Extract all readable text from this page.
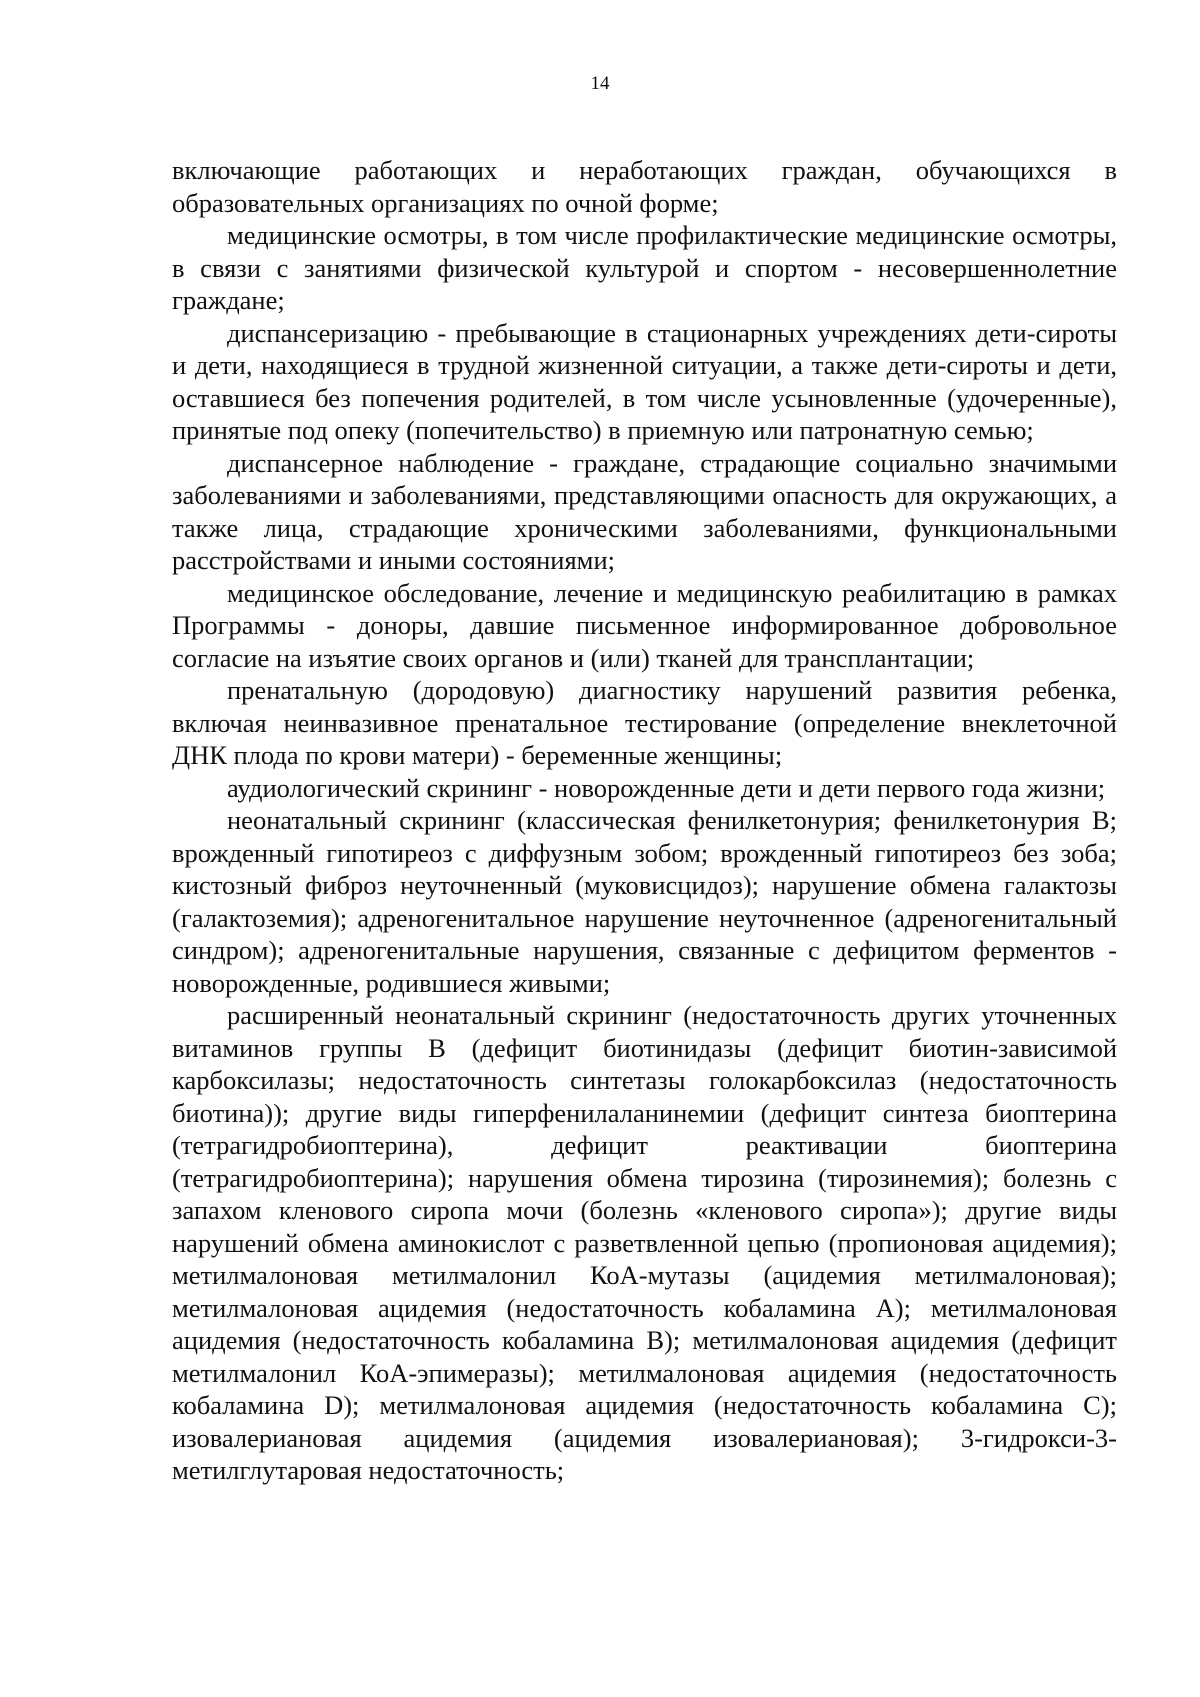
14

включающие работающих и неработающих граждан, обучающихся в образовательных организациях по очной форме;

медицинские осмотры, в том числе профилактические медицинские осмотры, в связи с занятиями физической культурой и спортом - несовершеннолетние граждане;

диспансеризацию - пребывающие в стационарных учреждениях дети-сироты и дети, находящиеся в трудной жизненной ситуации, а также дети-сироты и дети, оставшиеся без попечения родителей, в том числе усыновленные (удочеренные), принятые под опеку (попечительство) в приемную или патронатную семью;

диспансерное наблюдение - граждане, страдающие социально значимыми заболеваниями и заболеваниями, представляющими опасность для окружающих, а также лица, страдающие хроническими заболеваниями, функциональными расстройствами и иными состояниями;

медицинское обследование, лечение и медицинскую реабилитацию в рамках Программы - доноры, давшие письменное информированное добровольное согласие на изъятие своих органов и (или) тканей для трансплантации;

пренатальную (дородовую) диагностику нарушений развития ребенка, включая неинвазивное пренатальное тестирование (определение внеклеточной ДНК плода по крови матери) - беременные женщины;

аудиологический скрининг - новорожденные дети и дети первого года жизни;

неонатальный скрининг (классическая фенилкетонурия; фенилкетонурия B; врожденный гипотиреоз с диффузным зобом; врожденный гипотиреоз без зоба; кистозный фиброз неуточненный (муковисцидоз); нарушение обмена галактозы (галактоземия); адреногенитальное нарушение неуточненное (адреногенитальный синдром); адреногенитальные нарушения, связанные с дефицитом ферментов - новорожденные, родившиеся живыми;

расширенный неонатальный скрининг (недостаточность других уточненных витаминов группы B (дефицит биотинидазы (дефицит биотин-зависимой карбоксилазы; недостаточность синтетазы голокарбоксилаз (недостаточность биотина)); другие виды гиперфенилаланинемии (дефицит синтеза биоптерина (тетрагидробиоптерина), дефицит реактивации биоптерина (тетрагидробиоптерина); нарушения обмена тирозина (тирозинемия); болезнь с запахом кленового сиропа мочи (болезнь «кленового сиропа»); другие виды нарушений обмена аминокислот с разветвленной цепью (пропионовая ацидемия); метилмалоновая метилмалонил КоА-мутазы (ацидемия метилмалоновая); метилмалоновая ацидемия (недостаточность кобаламина A); метилмалоновая ацидемия (недостаточность кобаламина B); метилмалоновая ацидемия (дефицит метилмалонил КоА-эпимеразы); метилмалоновая ацидемия (недостаточность кобаламина D); метилмалоновая ацидемия (недостаточность кобаламина C); изовалериановая ацидемия (ацидемия изовалериановая); 3-гидрокси-3-метилглутаровая недостаточность;
